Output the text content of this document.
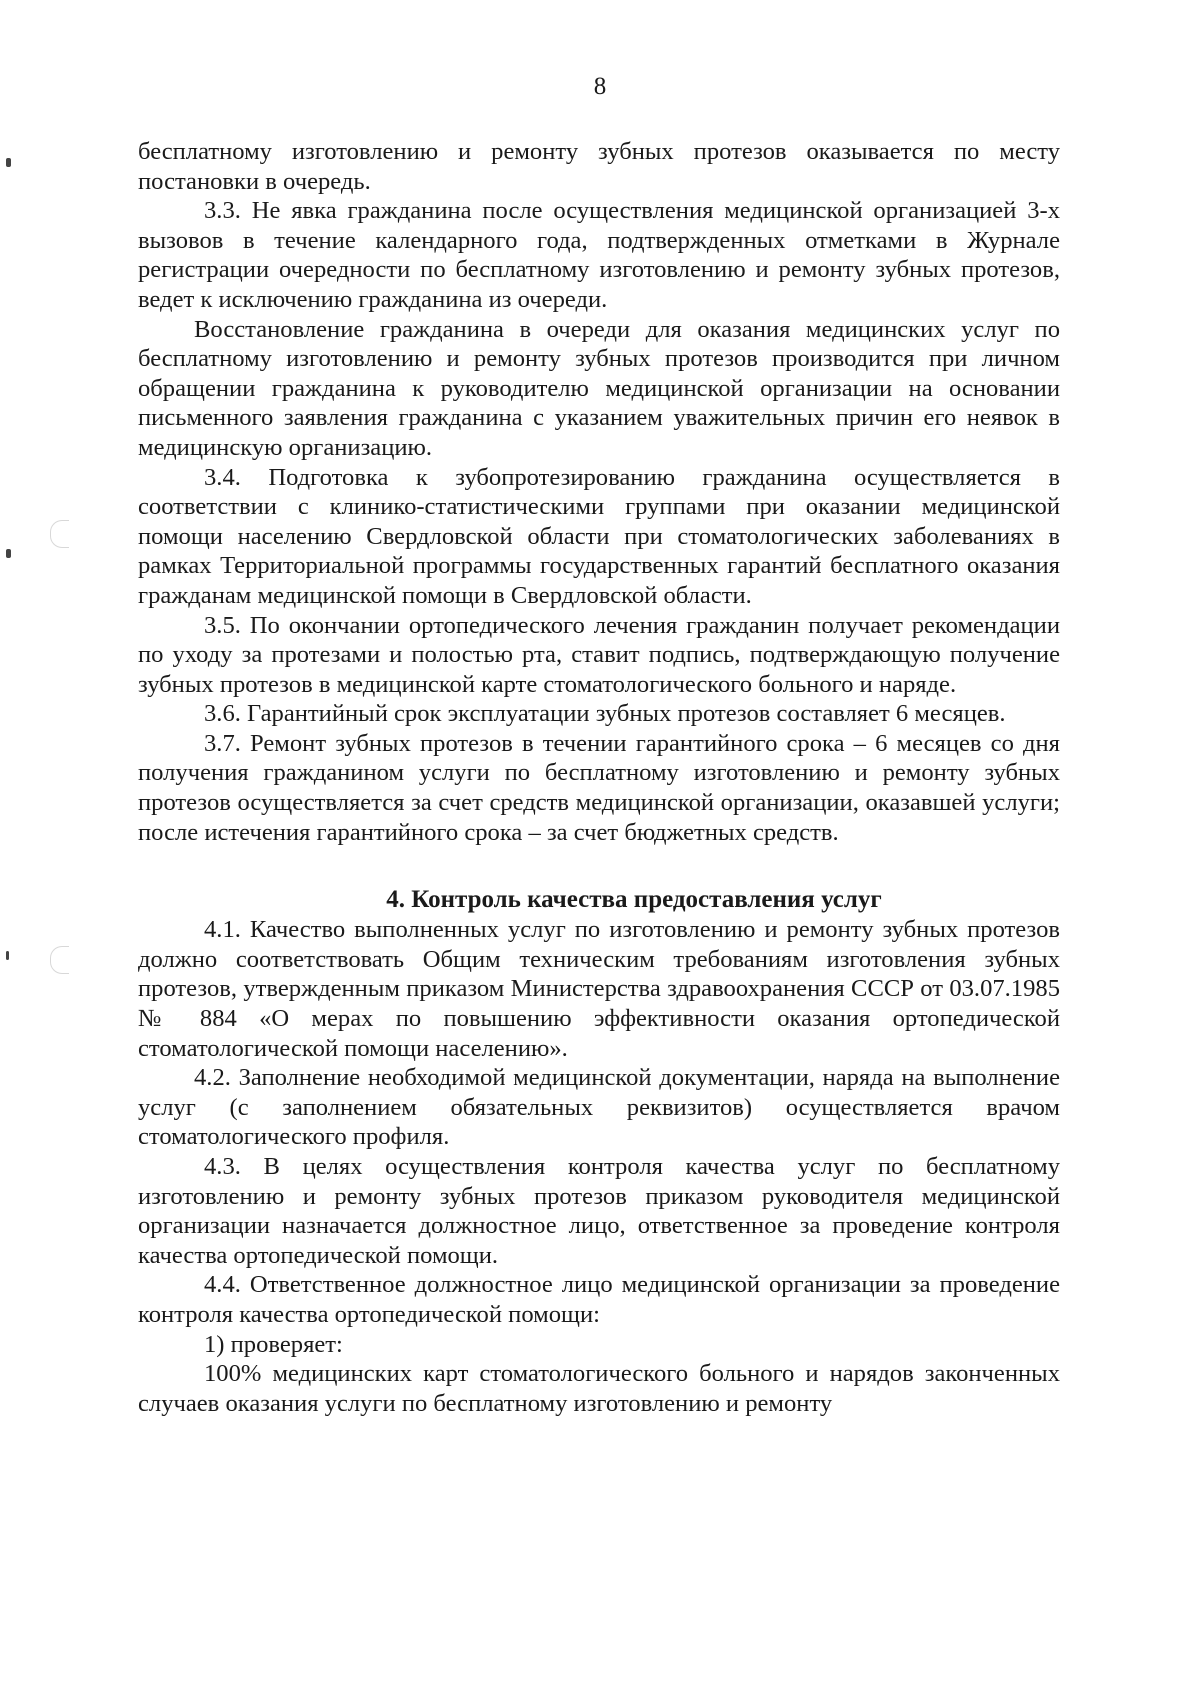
8

бесплатному изготовлению и ремонту зубных протезов оказывается по месту постановки в очередь.

3.3. Не явка гражданина после осуществления медицинской организацией 3-х вызовов в течение календарного года, подтвержденных отметками в Журнале регистрации очередности по бесплатному изготовлению и ремонту зубных протезов, ведет к исключению гражданина из очереди.

Восстановление гражданина в очереди для оказания медицинских услуг по бесплатному изготовлению и ремонту зубных протезов производится при личном обращении гражданина к руководителю медицинской организации на основании письменного заявления гражданина с указанием уважительных причин его неявок в медицинскую организацию.

3.4. Подготовка к зубопротезированию гражданина осуществляется в соответствии с клинико-статистическими группами при оказании медицинской помощи населению Свердловской области при стоматологических заболеваниях в рамках Территориальной программы государственных гарантий бесплатного оказания гражданам медицинской помощи в Свердловской области.

3.5. По окончании ортопедического лечения гражданин получает рекомендации по уходу за протезами и полостью рта, ставит подпись, подтверждающую получение зубных протезов в медицинской карте стоматологического больного и наряде.

3.6. Гарантийный срок эксплуатации зубных протезов составляет 6 месяцев.

3.7. Ремонт зубных протезов в течении гарантийного срока – 6 месяцев со дня получения гражданином услуги по бесплатному изготовлению и ремонту зубных протезов осуществляется за счет средств медицинской организации, оказавшей услуги; после истечения гарантийного срока – за счет бюджетных средств.

4. Контроль качества предоставления услуг

4.1. Качество выполненных услуг по изготовлению и ремонту зубных протезов должно соответствовать Общим техническим требованиям изготовления зубных протезов, утвержденным приказом Министерства здравоохранения СССР от 03.07.1985 № 884 «О мерах по повышению эффективности оказания ортопедической стоматологической помощи населению».

4.2. Заполнение необходимой медицинской документации, наряда на выполнение услуг (с заполнением обязательных реквизитов) осуществляется врачом стоматологического профиля.

4.3. В целях осуществления контроля качества услуг по бесплатному изготовлению и ремонту зубных протезов приказом руководителя медицинской организации назначается должностное лицо, ответственное за проведение контроля качества ортопедической помощи.

4.4. Ответственное должностное лицо медицинской организации за проведение контроля качества ортопедической помощи:

1) проверяет:

100% медицинских карт стоматологического больного и нарядов законченных случаев оказания услуги по бесплатному изготовлению и ремонту
